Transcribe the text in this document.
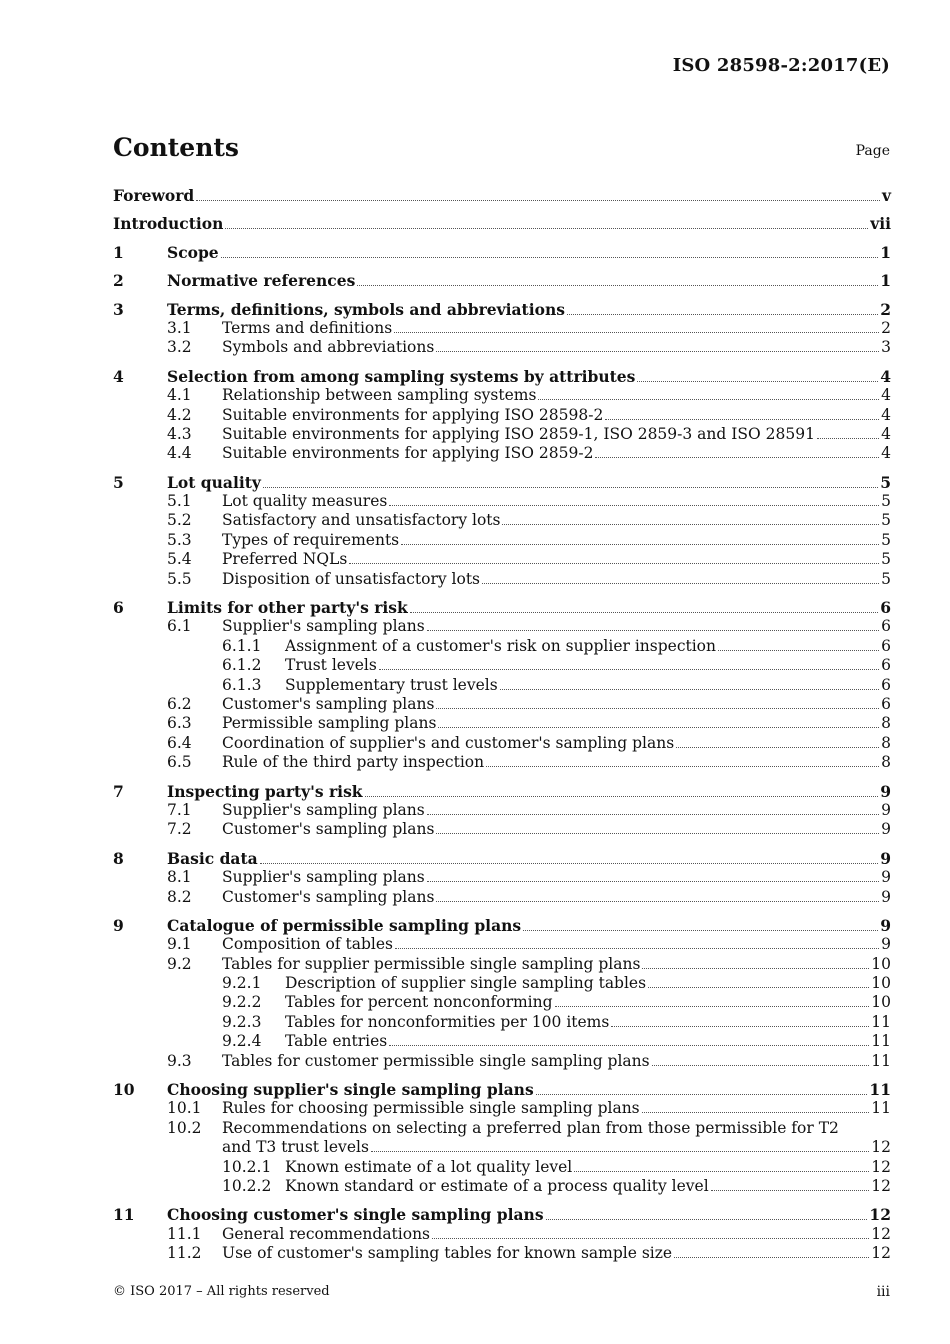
ISO 28598-2:2017(E)
Contents	Page
Foreword	v
Introduction	vii
1	Scope	1
2	Normative references	1
3	Terms, definitions, symbols and abbreviations	2
3.1 Terms and definitions	2
3.2 Symbols and abbreviations	3
4	Selection from among sampling systems by attributes	4
4.1 Relationship between sampling systems	4
4.2 Suitable environments for applying ISO 28598-2	4
4.3 Suitable environments for applying ISO 2859-1, ISO 2859-3 and ISO 28591	4
4.4 Suitable environments for applying ISO 2859-2	4
5	Lot quality	5
5.1 Lot quality measures	5
5.2 Satisfactory and unsatisfactory lots	5
5.3 Types of requirements	5
5.4 Preferred NQLs	5
5.5 Disposition of unsatisfactory lots	5
6	Limits for other party's risk	6
6.1 Supplier's sampling plans	6
6.1.1 Assignment of a customer's risk on supplier inspection	6
6.1.2 Trust levels	6
6.1.3 Supplementary trust levels	6
6.2 Customer's sampling plans	6
6.3 Permissible sampling plans	8
6.4 Coordination of supplier's and customer's sampling plans	8
6.5 Rule of the third party inspection	8
7	Inspecting party's risk	9
7.1 Supplier's sampling plans	9
7.2 Customer's sampling plans	9
8	Basic data	9
8.1 Supplier's sampling plans	9
8.2 Customer's sampling plans	9
9	Catalogue of permissible sampling plans	9
9.1 Composition of tables	9
9.2 Tables for supplier permissible single sampling plans	10
9.2.1 Description of supplier single sampling tables	10
9.2.2 Tables for percent nonconforming	10
9.2.3 Tables for nonconformities per 100 items	11
9.2.4 Table entries	11
9.3 Tables for customer permissible single sampling plans	11
10 Choosing supplier's single sampling plans	11
10.1 Rules for choosing permissible single sampling plans	11
10.2 Recommendations on selecting a preferred plan from those permissible for T2
and T3 trust levels	12
10.2.1 Known estimate of a lot quality level	12
10.2.2 Known standard or estimate of a process quality level	12
11 Choosing customer's single sampling plans	12
11.1 General recommendations	12
11.2 Use of customer's sampling tables for known sample size	12
© ISO 2017 – All rights reserved	iii
